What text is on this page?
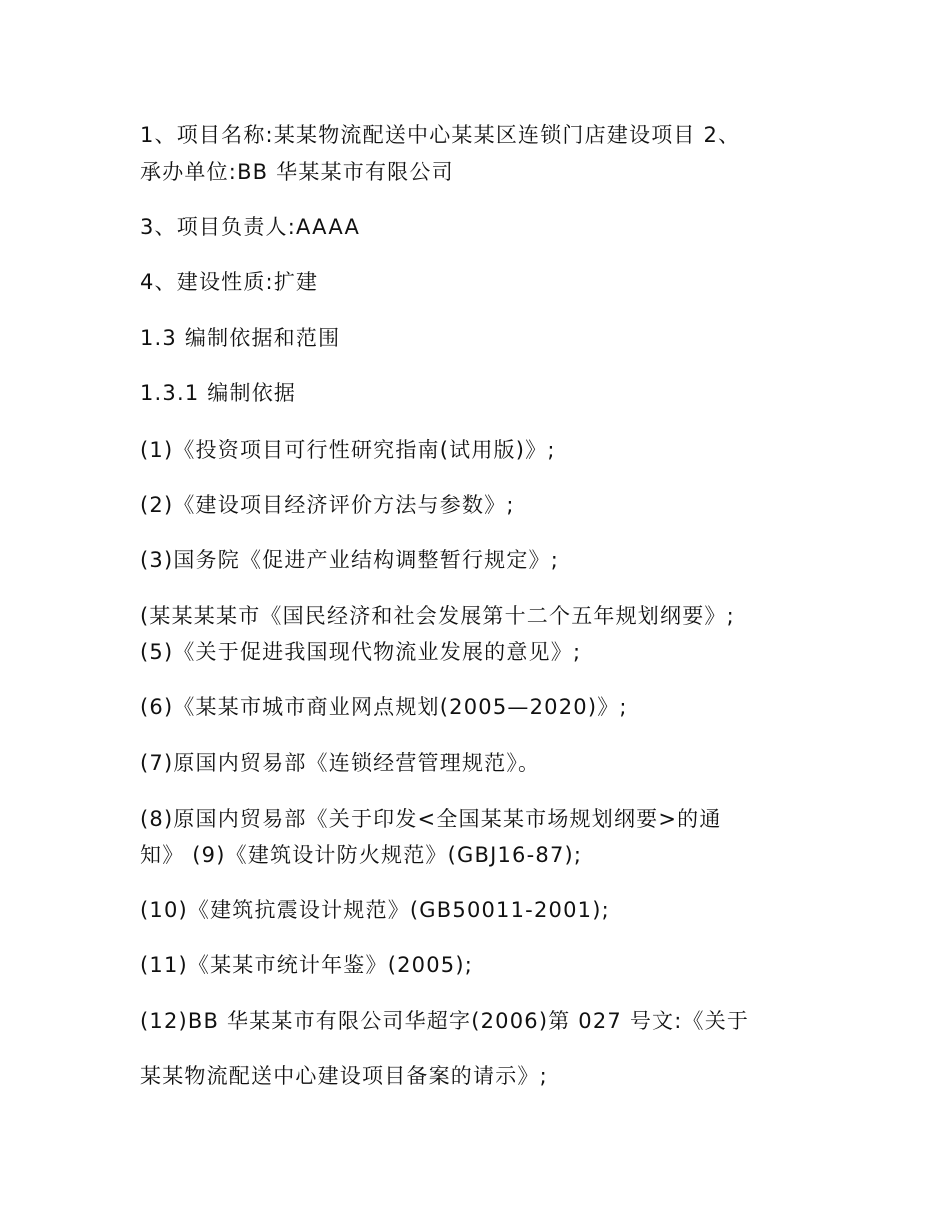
1、项目名称:某某物流配送中心某某区连锁门店建设项目 2、
承办单位:BB 华某某市有限公司
3、项目负责人:AAAA
4、建设性质:扩建
1.3 编制依据和范围
1.3.1 编制依据
(1)《投资项目可行性研究指南(试用版)》;
(2)《建设项目经济评价方法与参数》;
(3)国务院《促进产业结构调整暂行规定》;
(某某某某市《国民经济和社会发展第十二个五年规划纲要》;
(5)《关于促进我国现代物流业发展的意见》;
(6)《某某市城市商业网点规划(2005—2020)》;
(7)原国内贸易部《连锁经营管理规范》。
(8)原国内贸易部《关于印发<全国某某市场规划纲要>的通
知》 (9)《建筑设计防火规范》(GBJ16-87);
(10)《建筑抗震设计规范》(GB50011-2001);
(11)《某某市统计年鉴》(2005);
(12)BB 华某某市有限公司华超字(2006)第 027 号文:《关于
某某物流配送中心建设项目备案的请示》;
